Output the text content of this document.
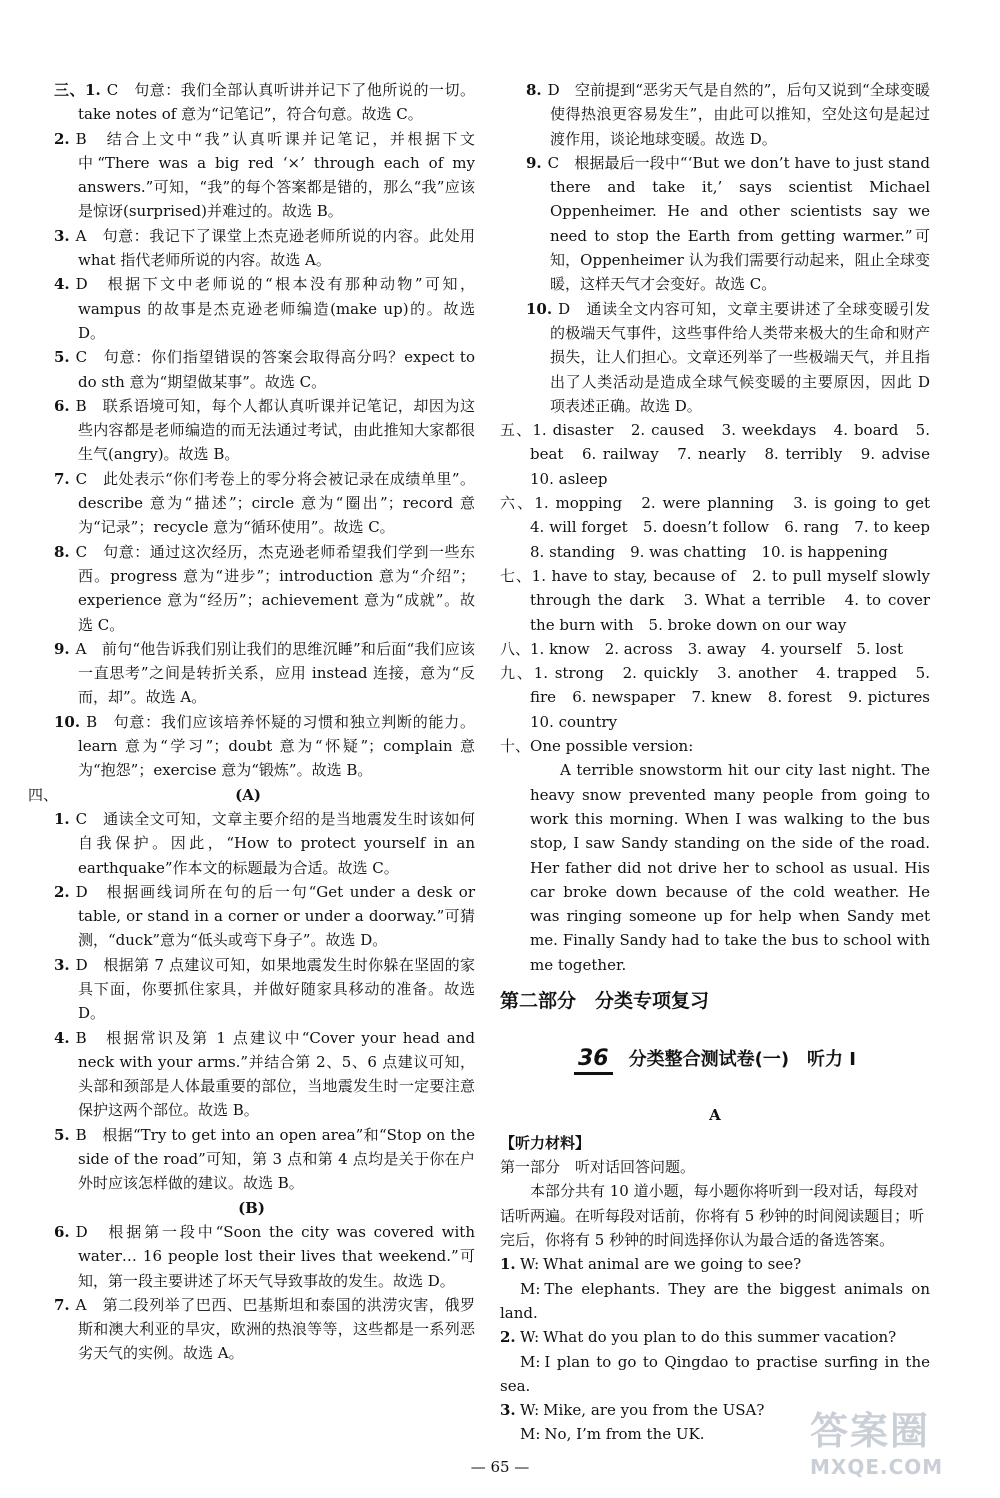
三、1. C　句意：我们全部认真听讲并记下了他所说的一切。take notes of 意为“记笔记”，符合句意。故选 C。

2. B　结合上文中“我”认真听课并记笔记，并根据下文中“There was a big red ‘×’ through each of my answers.”可知，“我”的每个答案都是错的，那么“我”应该是惊讶(surprised)并难过的。故选 B。

3. A　句意：我记下了课堂上杰克逊老师所说的内容。此处用 what 指代老师所说的内容。故选 A。

4. D　根据下文中老师说的“根本没有那种动物”可知，wampus 的故事是杰克逊老师编造(make up)的。故选 D。

5. C　句意：你们指望错误的答案会取得高分吗？expect to do sth 意为“期望做某事”。故选 C。

6. B　联系语境可知，每个人都认真听课并记笔记，却因为这些内容都是老师编造的而无法通过考试，由此推知大家都很生气(angry)。故选 B。

7. C　此处表示“你们考卷上的零分将会被记录在成绩单里”。describe 意为“描述”；circle 意为“圈出”；record 意为“记录”；recycle 意为“循环使用”。故选 C。

8. C　句意：通过这次经历，杰克逊老师希望我们学到一些东西。progress 意为“进步”；introduction 意为“介绍”；experience 意为“经历”；achievement 意为“成就”。故选 C。

9. A　前句“他告诉我们别让我们的思维沉睡”和后面“我们应该一直思考”之间是转折关系，应用 instead 连接，意为“反而，却”。故选 A。

10. B　句意：我们应该培养怀疑的习惯和独立判断的能力。learn 意为“学习”；doubt 意为“怀疑”；complain 意为“抱怨”；exercise 意为“锻炼”。故选 B。

四、	(A)

1. C　通读全文可知，文章主要介绍的是当地震发生时该如何自我保护。因此，“How to protect yourself in an earthquake”作本文的标题最为合适。故选 C。

2. D　根据画线词所在句的后一句“Get under a desk or table, or stand in a corner or under a doorway.”可猜测，“duck”意为“低头或弯下身子”。故选 D。

3. D　根据第 7 点建议可知，如果地震发生时你躲在坚固的家具下面，你要抓住家具，并做好随家具移动的准备。故选 D。

4. B　根据常识及第 1 点建议中“Cover your head and neck with your arms.”并结合第 2、5、6 点建议可知，头部和颈部是人体最重要的部位，当地震发生时一定要注意保护这两个部位。故选 B。

5. B　根据“Try to get into an open area”和“Stop on the side of the road”可知，第 3 点和第 4 点均是关于你在户外时应该怎样做的建议。故选 B。

(B)

6. D　根据第一段中“Soon the city was covered with water… 16 people lost their lives that weekend.”可知，第一段主要讲述了坏天气导致事故的发生。故选 D。

7. A　第二段列举了巴西、巴基斯坦和泰国的洪涝灾害，俄罗斯和澳大利亚的旱灾，欧洲的热浪等等，这些都是一系列恶劣天气的实例。故选 A。

8. D　空前提到“恶劣天气是自然的”，后句又说到“全球变暖使得热浪更容易发生”，由此可以推知，空处这句是起过渡作用，谈论地球变暖。故选 D。

9. C　根据最后一段中“‘But we don’t have to just stand there and take it,’ says scientist Michael Oppenheimer. He and other scientists say we need to stop the Earth from getting warmer.”可知，Oppenheimer 认为我们需要行动起来，阻止全球变暖，这样天气才会变好。故选 C。

10. D　通读全文内容可知，文章主要讲述了全球变暖引发的极端天气事件，这些事件给人类带来极大的生命和财产损失，让人们担心。文章还列举了一些极端天气，并且指出了人类活动是造成全球气候变暖的主要原因，因此 D 项表述正确。故选 D。

五、1. disaster　2. caused　3. weekdays　4. board　5. beat　6. railway　7. nearly　8. terribly　9. advise　10. asleep

六、1. mopping　2. were planning　3. is going to get　4. will forget　5. doesn’t follow　6. rang　7. to keep　8. standing　9. was chatting　10. is happening

七、1. have to stay, because of　2. to pull myself slowly through the dark　3. What a terrible　4. to cover the burn with　5. broke down on our way

八、1. know　2. across　3. away　4. yourself　5. lost

九、1. strong　2. quickly　3. another　4. trapped　5. fire　6. newspaper　7. knew　8. forest　9. pictures　10. country

十、One possible version:

A terrible snowstorm hit our city last night. The heavy snow prevented many people from going to work this morning. When I was walking to the bus stop, I saw Sandy standing on the side of the road. Her father did not drive her to school as usual. His car broke down because of the cold weather. He was ringing someone up for help when Sandy met me. Finally Sandy had to take the bus to school with me together.

第二部分　分类专项复习
36 分类整合测试卷(一)　听力 I

A

【听力材料】

第一部分　听对话回答问题。

本部分共有 10 道小题，每小题你将听到一段对话，每段对话听两遍。在听每段对话前，你将有 5 秒钟的时间阅读题目；听完后，你将有 5 秒钟的时间选择你认为最合适的备选答案。

1. W: What animal are we going to see?

M: The elephants. They are the biggest animals on land.

2. W: What do you plan to do this summer vacation?

M: I plan to go to Qingdao to practise surfing in the sea.

3. W: Mike, are you from the USA?

M: No, I’m from the UK.

— 65 —
答案圈
MXQE.COM
